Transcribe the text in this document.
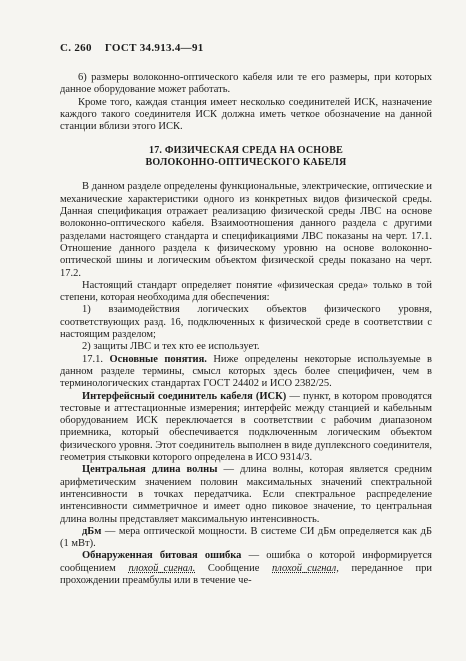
С. 260 ГОСТ 34.913.4—91

6) размеры волоконно-оптического кабеля или те его размеры, при которых данное оборудование может работать.

Кроме того, каждая станция имеет несколько соединителей ИСК, назначение каждого такого соединителя ИСК должна иметь четкое обозначение на данной станции вблизи этого ИСК.

17. ФИЗИЧЕСКАЯ СРЕДА НА ОСНОВЕ
ВОЛОКОННО-ОПТИЧЕСКОГО КАБЕЛЯ

В данном разделе определены функциональные, электрические, оптические и механические характеристики одного из конкретных видов физической среды. Данная спецификация отражает реализацию физической среды ЛВС на основе волоконно-оптического кабеля. Взаимоотношения данного раздела с другими разделами настоящего стандарта и спецификациями ЛВС показаны на черт. 17.1. Отношение данного раздела к физическому уровню на основе волоконно-оптической шины и логическим объектом физической среды показано на черт. 17.2.

Настоящий стандарт определяет понятие «физическая среда» только в той степени, которая необходима для обеспечения:

1) взаимодействия логических объектов физического уровня, соответствующих разд. 16, подключенных к физической среде в соответствии с настоящим разделом;

2) защиты ЛВС и тех кто ее использует.

17.1. Основные понятия. Ниже определены некоторые используемые в данном разделе термины, смысл которых здесь более специфичен, чем в терминологических стандартах ГОСТ 24402 и ИСО 2382/25.

Интерфейсный соединитель кабеля (ИСК) — пункт, в котором проводятся тестовые и аттестационные измерения; интерфейс между станцией и кабельным оборудованием ИСК переключается в соответствии с рабочим диапазоном приемника, который обеспечивается подключенным логическим объектом физического уровня. Этот соединитель выполнен в виде дуплексного соединителя, геометрия стыковки которого определена в ИСО 9314/3.

Центральная длина волны — длина волны, которая является средним арифметическим значением половин максимальных значений спектральной интенсивности в точках передатчика. Если спектральное распределение интенсивности симметричное и имеет одно пиковое значение, то центральная длина волны представляет максимальную интенсивность.

дБм — мера оптической мощности. В системе СИ дБм определяется как дБ (1 мВт).

Обнаруженная битовая ошибка — ошибка о которой информируется сообщением плохой_сигнал. Сообщение плохой_сигнал, переданное при прохождении преамбулы или в течение че-
